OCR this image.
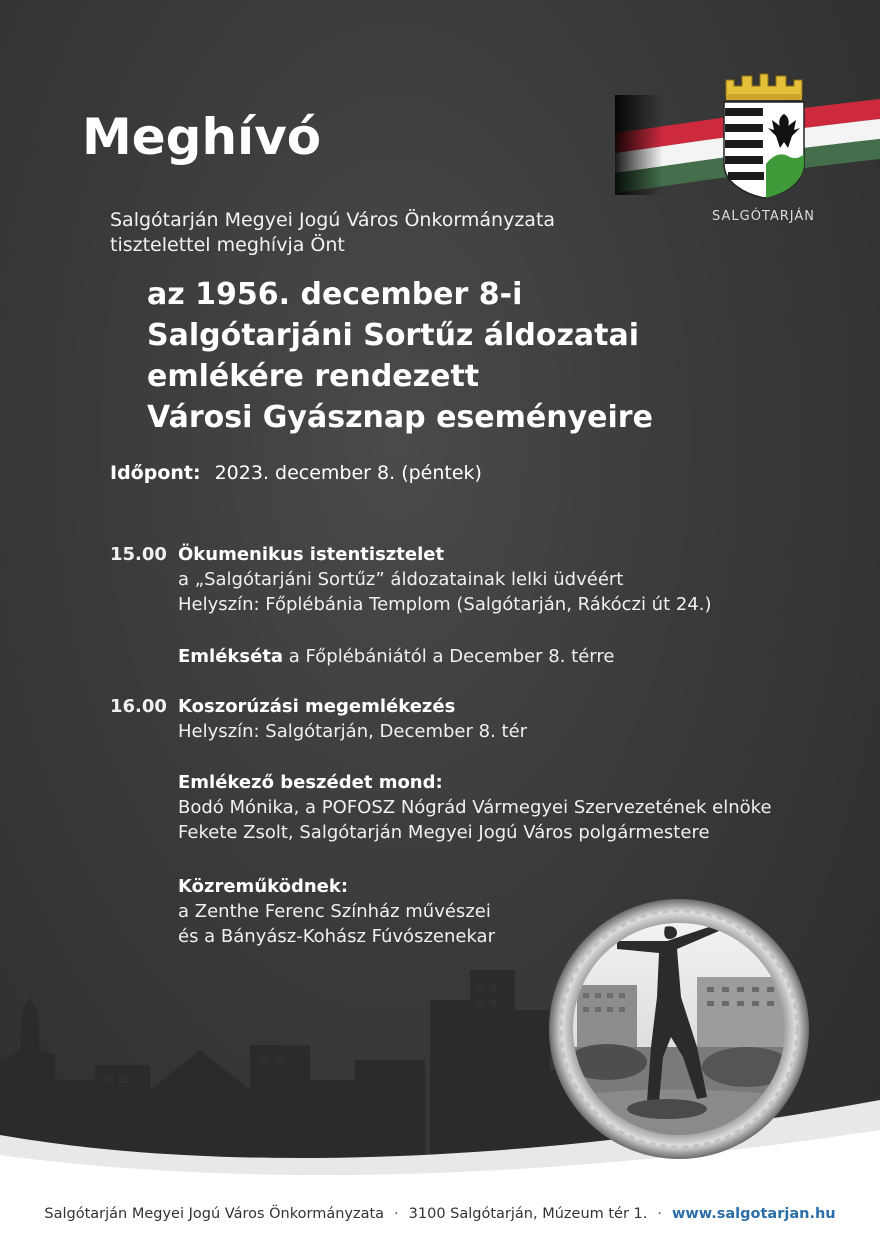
SALGÓTARJÁN
Meghívó
Salgótarján Megyei Jogú Város Önkormányzata
tisztelettel meghívja Önt
az 1956. december 8-i
Salgótarjáni Sortűz áldozatai
emlékére rendezett
Városi Gyásznap eseményeire
Időpont: 2023. december 8. (péntek)
15.00 Ökumenikus istentisztelet
a „Salgótarjáni Sortűz” áldozatainak lelki üdvéért
Helyszín: Főplébánia Templom (Salgótarján, Rákóczi út 24.)
Emlékséta a Főplébániától a December 8. térre
16.00 Koszorúzási megemlékezés
Helyszín: Salgótarján, December 8. tér
Emlékező beszédet mond:
Bodó Mónika, a POFOSZ Nógrád Vármegyei Szervezetének elnöke
Fekete Zsolt, Salgótarján Megyei Jogú Város polgármestere
Közreműködnek:
a Zenthe Ferenc Színház művészei
és a Bányász-Kohász Fúvószenekar
Salgótarján Megyei Jogú Város Önkormányzata · 3100 Salgótarján, Múzeum tér 1. · www.salgotarjan.hu
